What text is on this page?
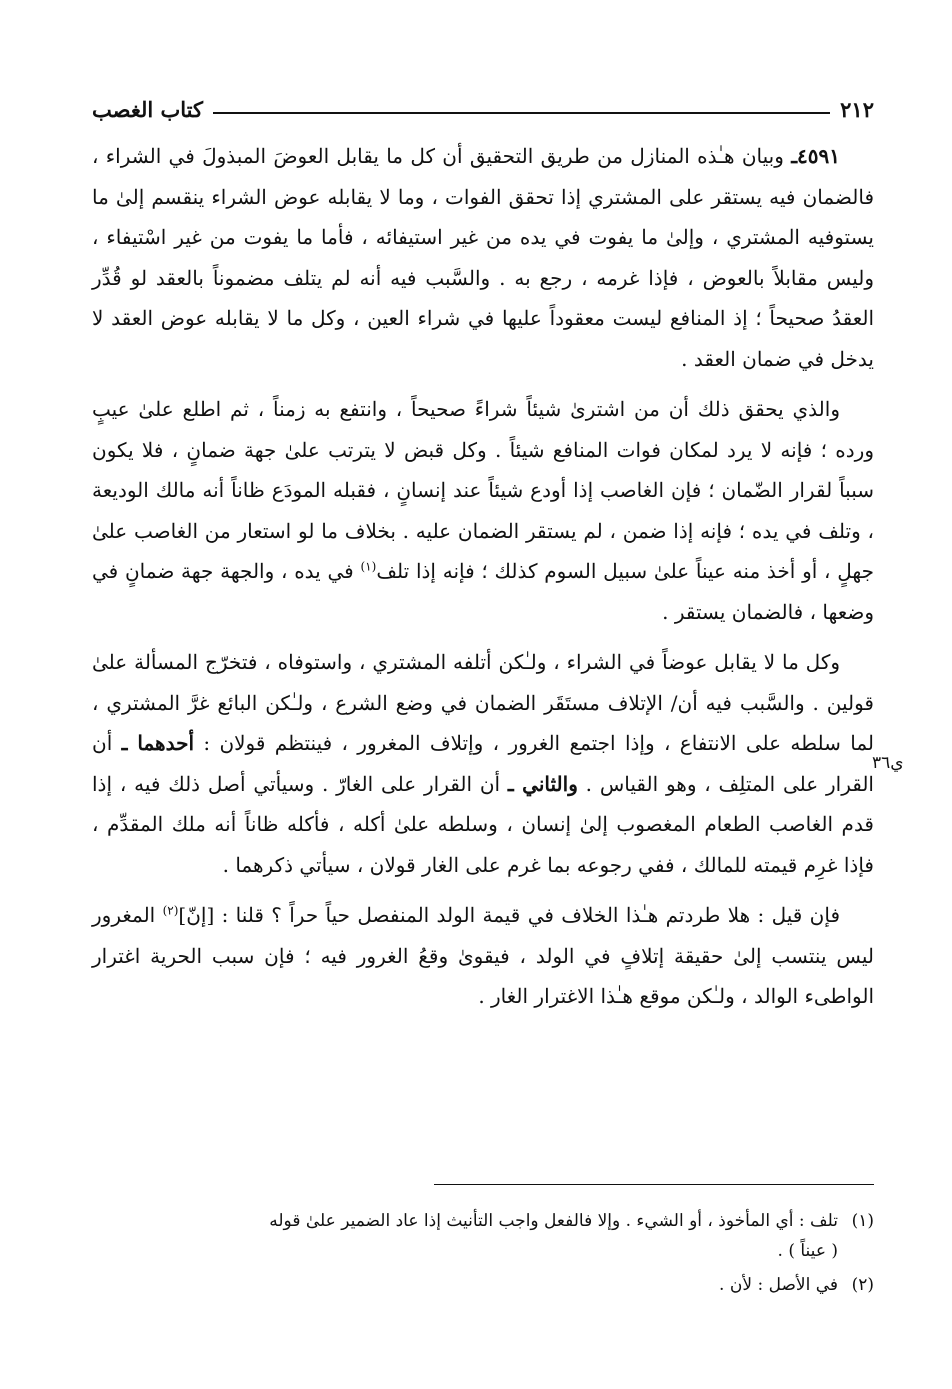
كتاب الغصب	٢١٢
ي٣٦

٤٥٩١ـ وبيان هـٰذه المنازل من طريق التحقيق أن كل ما يقابل العوضَ المبذولَ في الشراء ، فالضمان فيه يستقر على المشتري إذا تحقق الفوات ، وما لا يقابله عوض الشراء ينقسم إلىٰ ما يستوفيه المشتري ، وإلىٰ ما يفوت في يده من غير استيفائه ، فأما ما يفوت من غير اسْتيفاء ، وليس مقابلاً بالعوض ، فإذا غرمه ، رجع به . والسَّبب فيه أنه لم يتلف مضموناً بالعقد لو قُدِّر العقدُ صحيحاً ؛ إذ المنافع ليست معقوداً عليها في شراء العين ، وكل ما لا يقابله عوض العقد لا يدخل في ضمان العقد .

والذي يحقق ذلك أن من اشترىٰ شيئاً شراءً صحيحاً ، وانتفع به زمناً ، ثم اطلع علىٰ عيبٍ ورده ؛ فإنه لا يرد لمكان فوات المنافع شيئاً . وكل قبض لا يترتب علىٰ جهة ضمانٍ ، فلا يكون سبباً لقرار الضّمان ؛ فإن الغاصب إذا أودع شيئاً عند إنسانٍ ، فقبله المودَع ظاناً أنه مالك الوديعة ، وتلف في يده ؛ فإنه إذا ضمن ، لم يستقر الضمان عليه . بخلاف ما لو استعار من الغاصب علىٰ جهلٍ ، أو أخذ منه عيناً علىٰ سبيل السوم كذلك ؛ فإنه إذا تلف$^{(١)}$ في يده ، والجهة جهة ضمانٍ في وضعها ، فالضمان يستقر .

وكل ما لا يقابل عوضاً في الشراء ، ولـٰكن أتلفه المشتري ، واستوفاه ، فتخرّج المسألة علىٰ قولين . والسَّبب فيه أن/ الإتلاف مستَقَر الضمان في وضع الشرع ، ولـٰكن البائع غرَّ المشتري ، لما سلطه على الانتفاع ، وإذا اجتمع الغرور ، وإتلاف المغرور ، فينتظم قولان : أحدهما ـ أن القرار على المتلِف ، وهو القياس . والثاني ـ أن القرار على الغارّ . وسيأتي أصل ذلك فيه ، إذا قدم الغاصب الطعام المغصوب إلىٰ إنسان ، وسلطه علىٰ أكله ، فأكله ظاناً أنه ملك المقدِّم ، فإذا غرِم قيمته للمالك ، ففي رجوعه بما غرم على الغار قولان ، سيأتي ذكرهما .

فإن قيل : هلا طردتم هـٰذا الخلاف في قيمة الولد المنفصل حياً حراً ؟ قلنا : [إنّ]$^{(٢)}$ المغرور ليس ينتسب إلىٰ حقيقة إتلافٍ في الولد ، فيقوىٰ وقعُ الغرور فيه ؛ فإن سبب الحرية اغترار الواطىء الوالد ، ولـٰكن موقع هـٰذا الاغترار الغار .

(١)تلف : أي المأخوذ ، أو الشيء . وإلا فالفعل واجب التأنيث إذا عاد الضمير علىٰ قوله
( عيناً ) .
(٢)في الأصل : لأن .
